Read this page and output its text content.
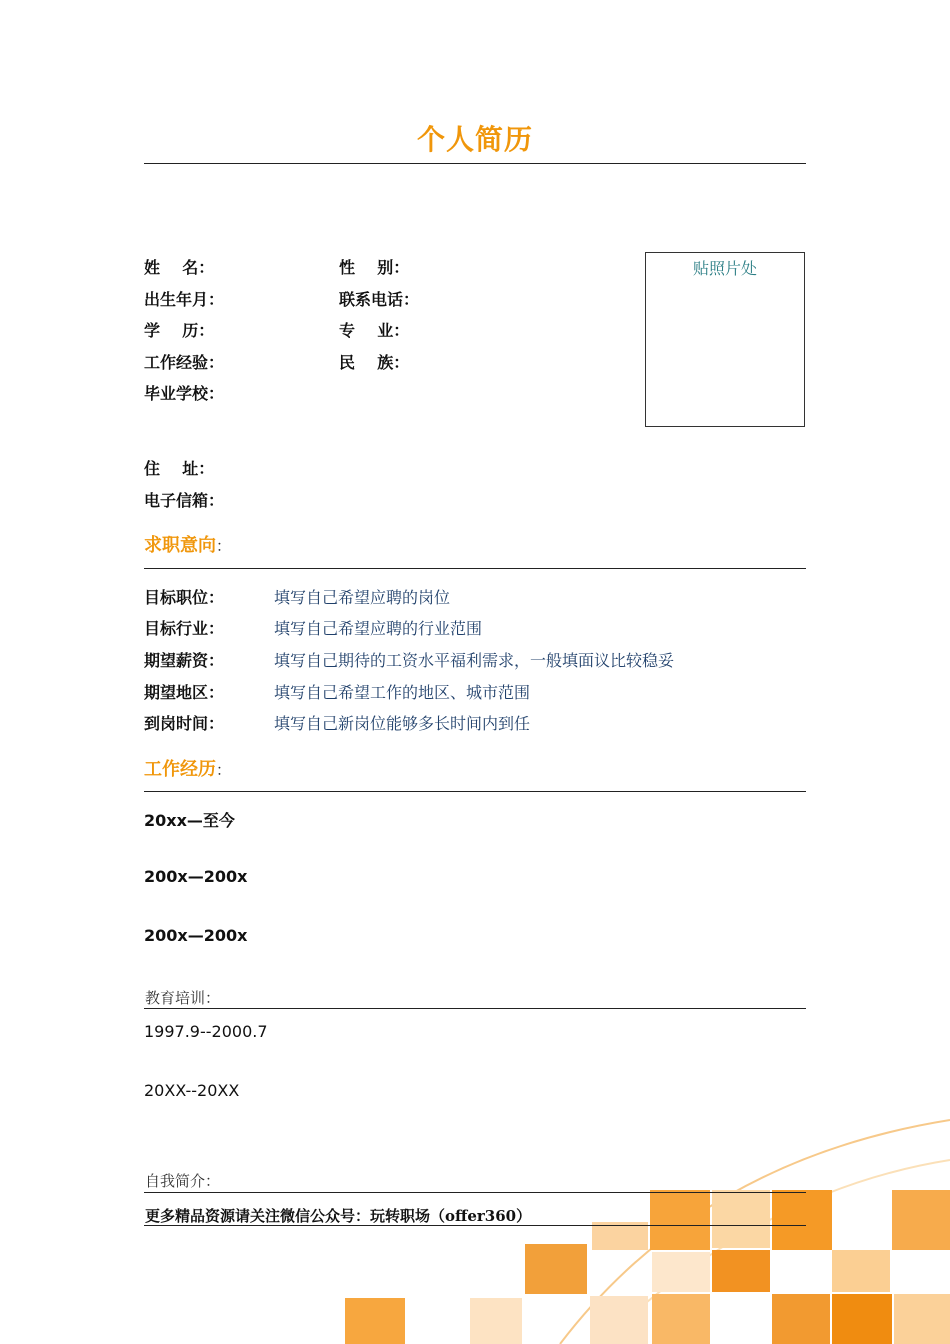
个人简历
姓    名：	性    别：
出生年月：	联系电话：
学    历：	专    业：
工作经验：	民    族：
毕业学校：
住    址：
电子信箱：
贴照片处
求职意向：
目标职位：	填写自己希望应聘的岗位
目标行业：	填写自己希望应聘的行业范围
期望薪资：	填写自己期待的工资水平福利需求，一般填面议比较稳妥
期望地区：	填写自己希望工作的地区、城市范围
到岗时间：	填写自己新岗位能够多长时间内到任
工作经历：
20xx—至今
200x—200x
200x—200x
教育培训：
1997.9--2000.7
20XX--20XX
自我简介：
更多精品资源请关注微信公众号：玩转职场（offer360）
